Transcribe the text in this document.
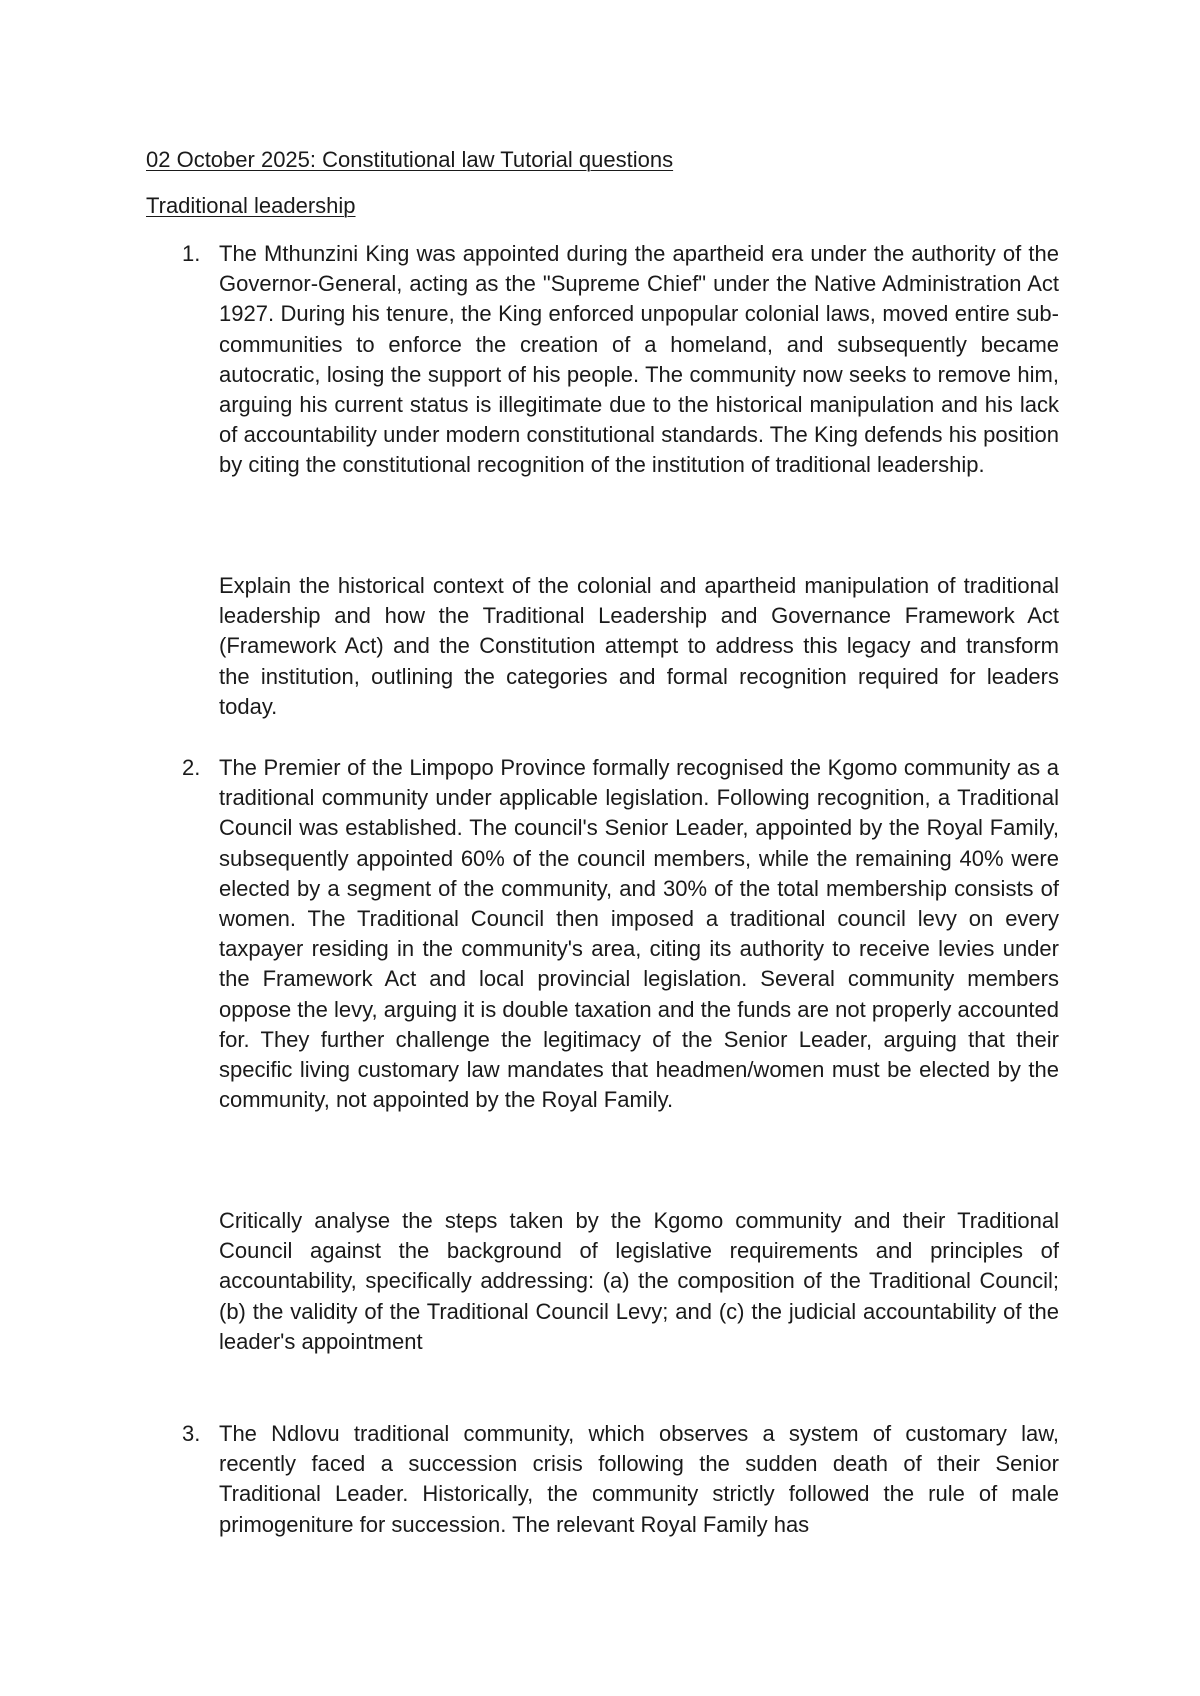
02 October 2025: Constitutional law Tutorial questions
Traditional leadership
1. The Mthunzini King was appointed during the apartheid era under the authority of the Governor-General, acting as the "Supreme Chief" under the Native Administration Act 1927. During his tenure, the King enforced unpopular colonial laws, moved entire sub-communities to enforce the creation of a homeland, and subsequently became autocratic, losing the support of his people. The community now seeks to remove him, arguing his current status is illegitimate due to the historical manipulation and his lack of accountability under modern constitutional standards. The King defends his position by citing the constitutional recognition of the institution of traditional leadership.

Explain the historical context of the colonial and apartheid manipulation of traditional leadership and how the Traditional Leadership and Governance Framework Act (Framework Act) and the Constitution attempt to address this legacy and transform the institution, outlining the categories and formal recognition required for leaders today.

2. The Premier of the Limpopo Province formally recognised the Kgomo community as a traditional community under applicable legislation. Following recognition, a Traditional Council was established. The council's Senior Leader, appointed by the Royal Family, subsequently appointed 60% of the council members, while the remaining 40% were elected by a segment of the community, and 30% of the total membership consists of women. The Traditional Council then imposed a traditional council levy on every taxpayer residing in the community's area, citing its authority to receive levies under the Framework Act and local provincial legislation. Several community members oppose the levy, arguing it is double taxation and the funds are not properly accounted for. They further challenge the legitimacy of the Senior Leader, arguing that their specific living customary law mandates that headmen/women must be elected by the community, not appointed by the Royal Family.

Critically analyse the steps taken by the Kgomo community and their Traditional Council against the background of legislative requirements and principles of accountability, specifically addressing: (a) the composition of the Traditional Council; (b) the validity of the Traditional Council Levy; and (c) the judicial accountability of the leader's appointment

3. The Ndlovu traditional community, which observes a system of customary law, recently faced a succession crisis following the sudden death of their Senior Traditional Leader. Historically, the community strictly followed the rule of male primogeniture for succession. The relevant Royal Family has
